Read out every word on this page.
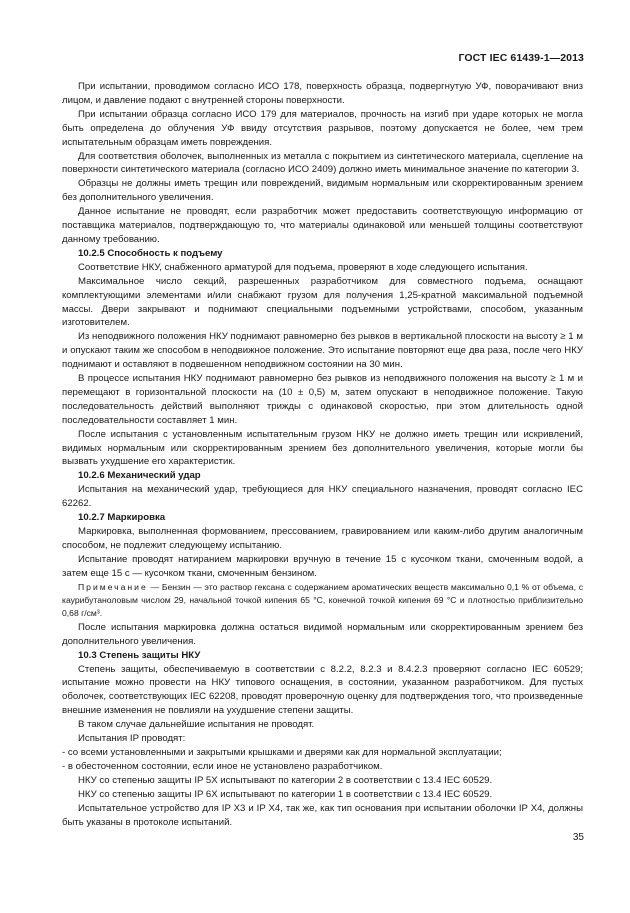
ГОСТ IEC 61439-1—2013

При испытании, проводимом согласно ИСО 178, поверхность образца, подвергнутую УФ, поворачивают вниз лицом, и давление подают с внутренней стороны поверхности.

При испытании образца согласно ИСО 179 для материалов, прочность на изгиб при ударе которых не могла быть определена до облучения УФ ввиду отсутствия разрывов, поэтому допускается не более, чем трем испытательным образцам иметь повреждения.

Для соответствия оболочек, выполненных из металла с покрытием из синтетического материала, сцепление на поверхности синтетического материала (согласно ИСО 2409) должно иметь минимальное значение по категории 3.

Образцы не должны иметь трещин или повреждений, видимым нормальным или скорректированным зрением без дополнительного увеличения.

Данное испытание не проводят, если разработчик может предоставить соответствующую информацию от поставщика материалов, подтверждающую то, что материалы одинаковой или меньшей толщины соответствуют данному требованию.

10.2.5 Способность к подъему

Соответствие НКУ, снабженного арматурой для подъема, проверяют в ходе следующего испытания.

Максимальное число секций, разрешенных разработчиком для совместного подъема, оснащают комплектующими элементами и/или снабжают грузом для получения 1,25-кратной максимальной подъемной массы. Двери закрывают и поднимают специальными подъемными устройствами, способом, указанным изготовителем.

Из неподвижного положения НКУ поднимают равномерно без рывков в вертикальной плоскости на высоту ≥ 1 м и опускают таким же способом в неподвижное положение. Это испытание повторяют еще два раза, после чего НКУ поднимают и оставляют в подвешенном неподвижном состоянии на 30 мин.

В процессе испытания НКУ поднимают равномерно без рывков из неподвижного положения на высоту ≥ 1 м и перемещают в горизонтальной плоскости на (10 ± 0,5) м, затем опускают в неподвижное положение. Такую последовательность действий выполняют трижды с одинаковой скоростью, при этом длительность одной последовательности составляет 1 мин.

После испытания с установленным испытательным грузом НКУ не должно иметь трещин или искривлений, видимых нормальным или скорректированным зрением без дополнительного увеличения, которые могли бы вызвать ухудшение его характеристик.

10.2.6 Механический удар

Испытания на механический удар, требующиеся для НКУ специального назначения, проводят согласно IEC 62262.

10.2.7 Маркировка

Маркировка, выполненная формованием, прессованием, гравированием или каким-либо другим аналогичным способом, не подлежит следующему испытанию.

Испытание проводят натиранием маркировки вручную в течение 15 с кусочком ткани, смоченным водой, а затем еще 15 с — кусочком ткани, смоченным бензином.

Примечание — Бензин — это раствор гексана с содержанием ароматических веществ максимально 0,1 % от объема, с каурибутаноловым числом 29, начальной точкой кипения 65 °С, конечной точкой кипения 69 °С и плотностью приблизительно 0,68 г/см³.

После испытания маркировка должна остаться видимой нормальным или скорректированным зрением без дополнительного увеличения.

10.3 Степень защиты НКУ

Степень защиты, обеспечиваемую в соответствии с 8.2.2, 8.2.3 и 8.4.2.3 проверяют согласно IEC 60529; испытание можно провести на НКУ типового оснащения, в состоянии, указанном разработчиком. Для пустых оболочек, соответствующих IEC 62208, проводят проверочную оценку для подтверждения того, что произведенные внешние изменения не повлияли на ухудшение степени защиты.

В таком случае дальнейшие испытания не проводят.

Испытания IP проводят:

- со всеми установленными и закрытыми крышками и дверями как для нормальной эксплуатации;

- в обесточенном состоянии, если иное не установлено разработчиком.

НКУ со степенью защиты IP 5X испытывают по категории 2 в соответствии с 13.4 IEC 60529.

НКУ со степенью защиты IP 6X испытывают по категории 1 в соответствии с 13.4 IEC 60529.

Испытательное устройство для IP X3 и IP X4, так же, как тип основания при испытании оболочки IP X4, должны быть указаны в протоколе испытаний.

35
